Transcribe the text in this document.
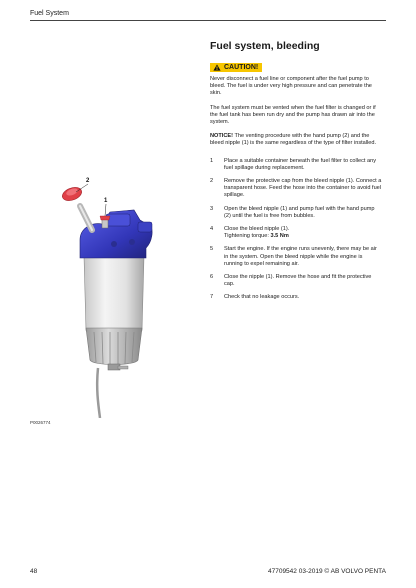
Fuel System
2
1
P0026774
Fuel system, bleeding
CAUTION!

Never disconnect a fuel line or component after the fuel pump to bleed. The fuel is under very high pressure and can penetrate the skin.

The fuel system must be vented when the fuel filter is changed or if the fuel tank has been run dry and the pump has drawn air into the system.

NOTICE! The venting procedure with the hand pump (2) and the bleed nipple (1) is the same regardless of the type of filter installed.

1	Place a suitable container beneath the fuel filter to collect any fuel spillage during replacement.
2	Remove the protective cap from the bleed nipple (1). Connect a transparent hose. Feed the hose into the container to avoid fuel spillage.
3	Open the bleed nipple (1) and pump fuel with the hand pump (2) until the fuel is free from bubbles.
4	Close the bleed nipple (1).
Tightening torque: 3.5 Nm
5	Start the engine. If the engine runs unevenly, there may be air in the system. Open the bleed nipple while the engine is running to expel remaining air.
6	Close the nipple (1). Remove the hose and fit the protective cap.
7	Check that no leakage occurs.
48	47709542 03-2019 © AB VOLVO PENTA
